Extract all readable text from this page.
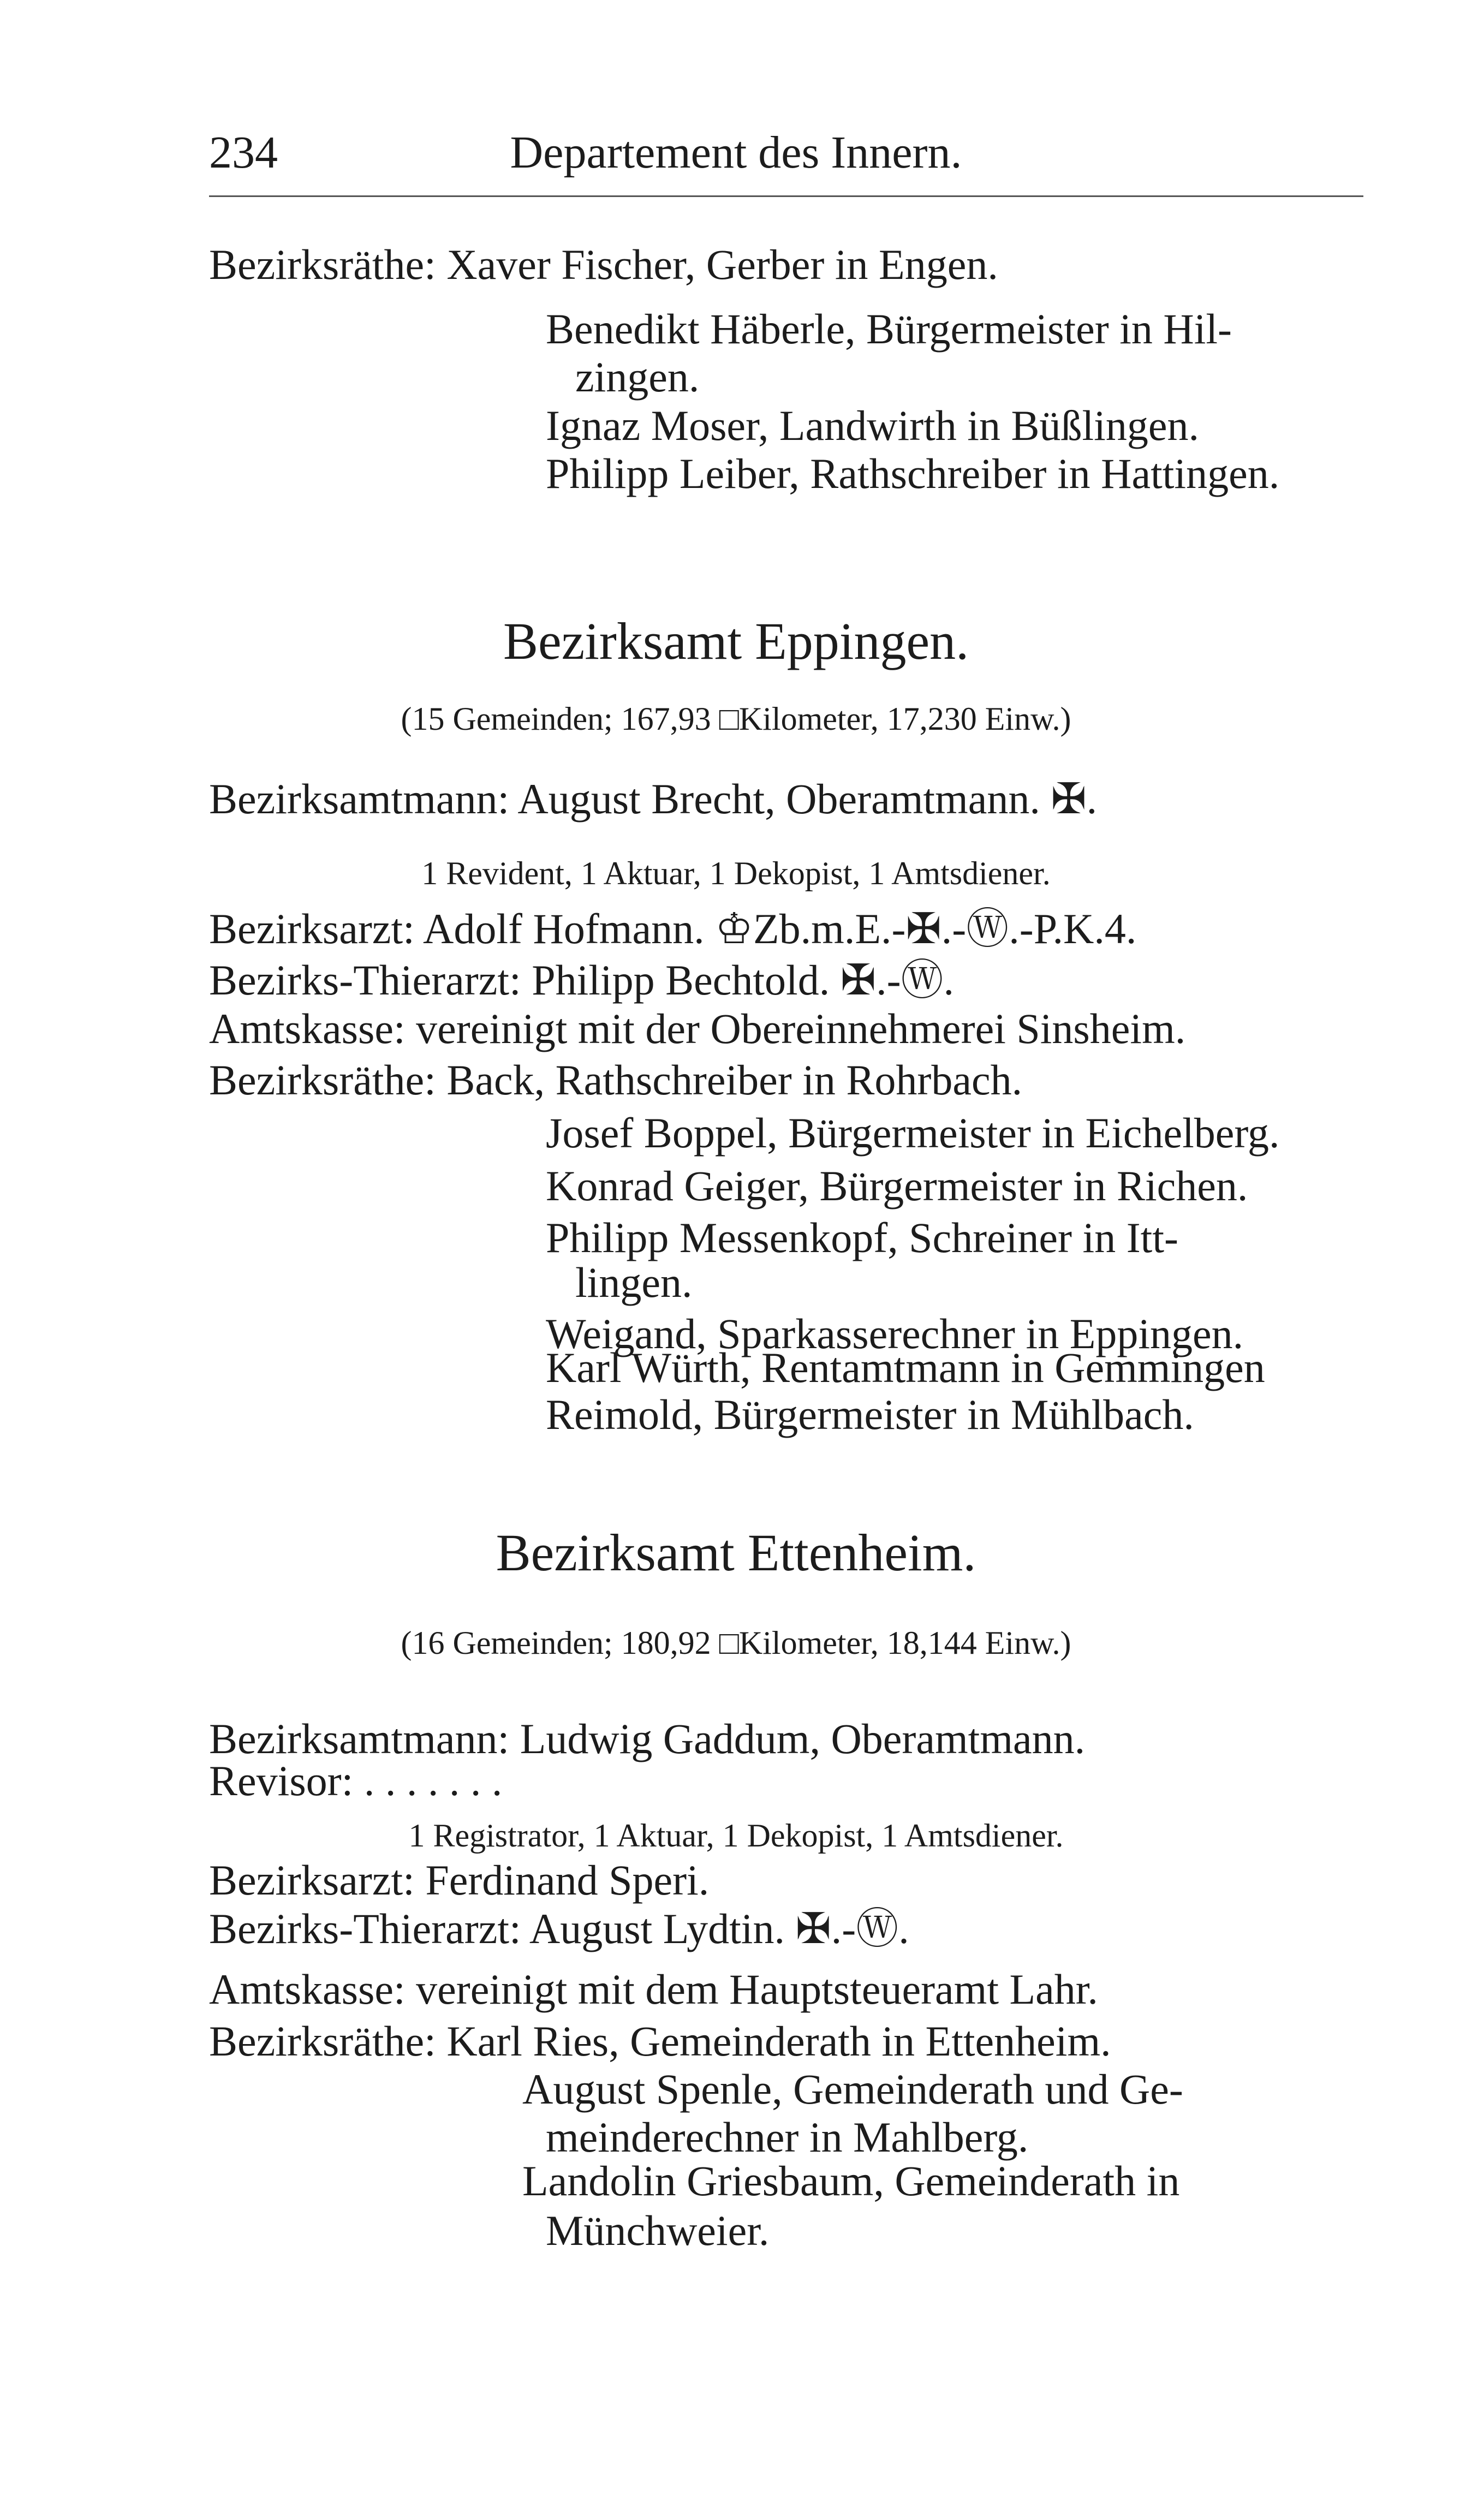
234	Departement des Innern.
Bezirksräthe: Xaver Fischer, Gerber in Engen.
Benedikt Häberle, Bürgermeister in Hil-
zingen.
Ignaz Moser, Landwirth in Büßlingen.
Philipp Leiber, Rathschreiber in Hattingen.
Bezirksamt Eppingen.
(15 Gemeinden; 167,93 □Kilometer, 17,230 Einw.)
Bezirksamtmann: August Brecht, Oberamtmann. ✠.
1 Revident, 1 Aktuar, 1 Dekopist, 1 Amtsdiener.
Bezirksarzt: Adolf Hofmann. ♔Zb.m.E.-✠.-Ⓦ.-P.K.4.
Bezirks-Thierarzt: Philipp Bechtold. ✠.-Ⓦ.
Amtskasse: vereinigt mit der Obereinnehmerei Sinsheim.
Bezirksräthe: Back, Rathschreiber in Rohrbach.
Josef Boppel, Bürgermeister in Eichelberg.
Konrad Geiger, Bürgermeister in Richen.
Philipp Messenkopf, Schreiner in Itt-
lingen.
Weigand, Sparkasserechner in Eppingen.
Karl Würth, Rentamtmann in Gemmingen
Reimold, Bürgermeister in Mühlbach.
Bezirksamt Ettenheim.
(16 Gemeinden; 180,92 □Kilometer, 18,144 Einw.)
Bezirksamtmann: Ludwig Gaddum, Oberamtmann.
Revisor: . . . . . . .
1 Registrator, 1 Aktuar, 1 Dekopist, 1 Amtsdiener.
Bezirksarzt: Ferdinand Speri.
Bezirks-Thierarzt: August Lydtin. ✠.-Ⓦ.
Amtskasse: vereinigt mit dem Hauptsteueramt Lahr.
Bezirksräthe: Karl Ries, Gemeinderath in Ettenheim.
August Spenle, Gemeinderath und Ge-
meinderechner in Mahlberg.
Landolin Griesbaum, Gemeinderath in
Münchweier.
